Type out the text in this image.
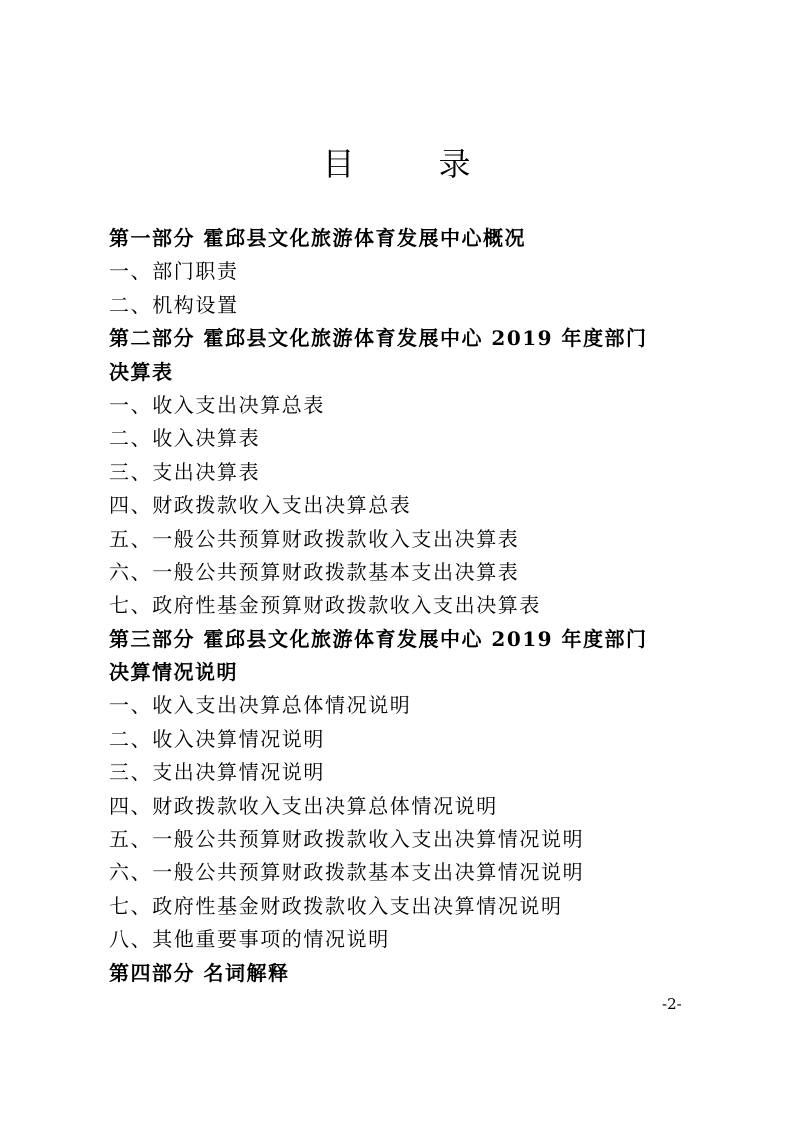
目　录
第一部分 霍邱县文化旅游体育发展中心概况
一、部门职责
二、机构设置
第二部分 霍邱县文化旅游体育发展中心 2019 年度部门
决算表
一、收入支出决算总表
二、收入决算表
三、支出决算表
四、财政拨款收入支出决算总表
五、一般公共预算财政拨款收入支出决算表
六、一般公共预算财政拨款基本支出决算表
七、政府性基金预算财政拨款收入支出决算表
第三部分 霍邱县文化旅游体育发展中心 2019 年度部门
决算情况说明
一、收入支出决算总体情况说明
二、收入决算情况说明
三、支出决算情况说明
四、财政拨款收入支出决算总体情况说明
五、一般公共预算财政拨款收入支出决算情况说明
六、一般公共预算财政拨款基本支出决算情况说明
七、政府性基金财政拨款收入支出决算情况说明
八、其他重要事项的情况说明
第四部分 名词解释
-2-
